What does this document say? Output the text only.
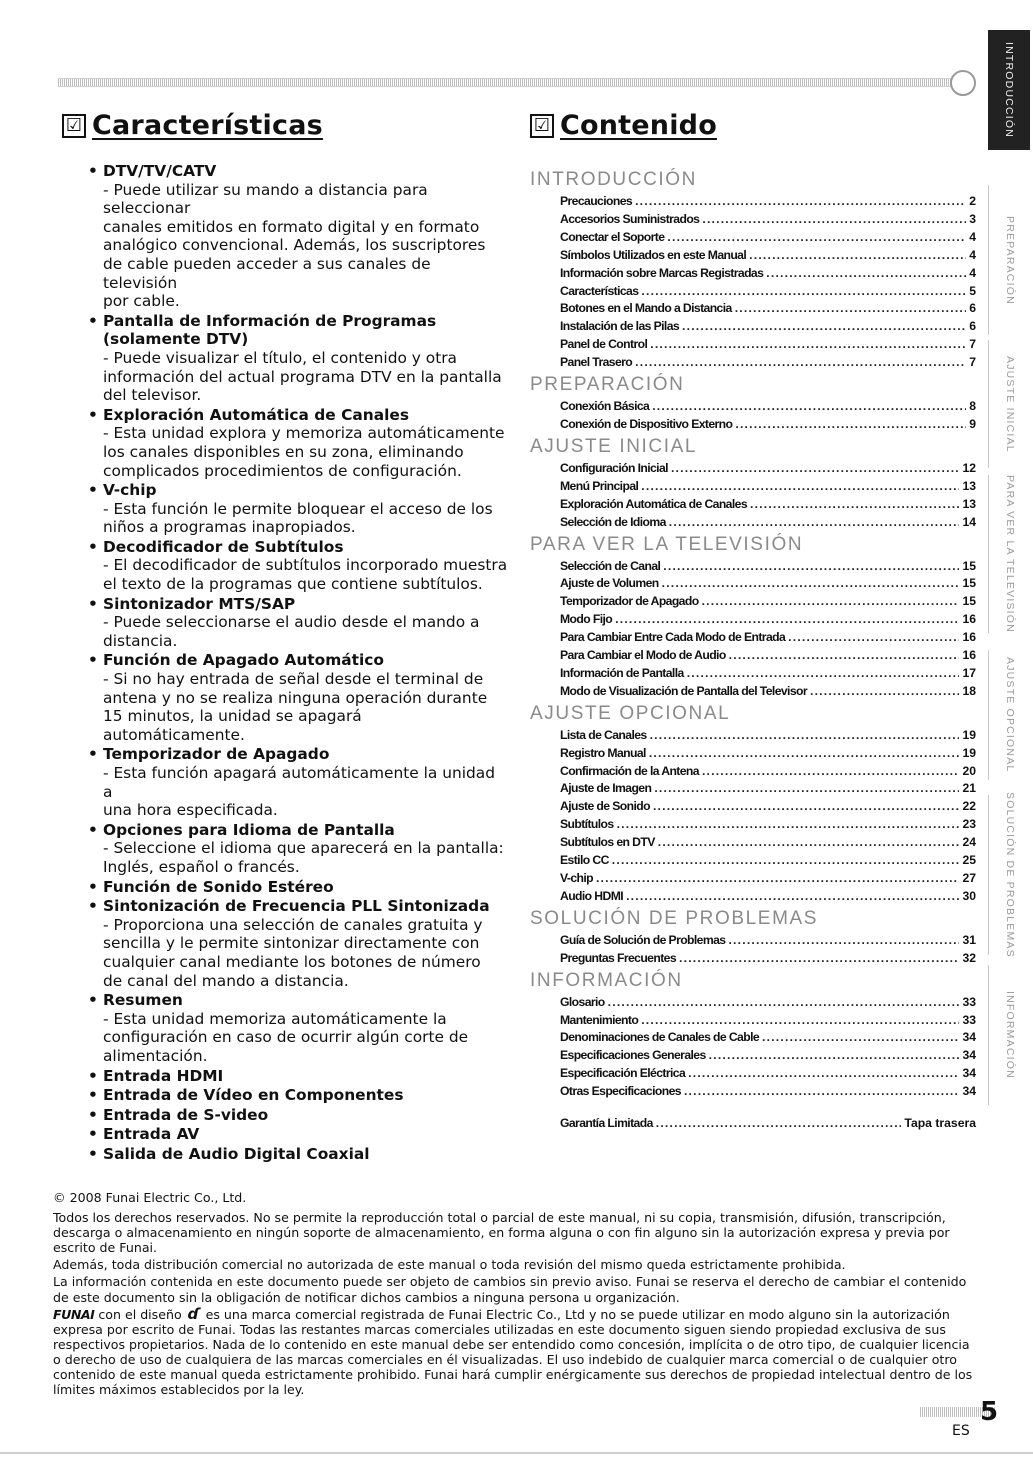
☑ Características	☑ Contenido
• DTV/TV/CATV
- Puede utilizar su mando a distancia para seleccionar
canales emitidos en formato digital y en formato
analógico convencional. Además, los suscriptores
de cable pueden acceder a sus canales de televisión
por cable.
• Pantalla de Información de Programas
(solamente DTV)
- Puede visualizar el título, el contenido y otra
información del actual programa DTV en la pantalla
del televisor.
• Exploración Automática de Canales
- Esta unidad explora y memoriza automáticamente
los canales disponibles en su zona, eliminando
complicados procedimientos de configuración.
• V-chip
- Esta función le permite bloquear el acceso de los
niños a programas inapropiados.
• Decodificador de Subtítulos
- El decodificador de subtítulos incorporado muestra
el texto de la programas que contiene subtítulos.
• Sintonizador MTS/SAP
- Puede seleccionarse el audio desde el mando a
distancia.
• Función de Apagado Automático
- Si no hay entrada de señal desde el terminal de
antena y no se realiza ninguna operación durante
15 minutos, la unidad se apagará automáticamente.
• Temporizador de Apagado
- Esta función apagará automáticamente la unidad a
una hora especificada.
• Opciones para Idioma de Pantalla
- Seleccione el idioma que aparecerá en la pantalla:
Inglés, español o francés.
• Función de Sonido Estéreo
• Sintonización de Frecuencia PLL Sintonizada
- Proporciona una selección de canales gratuita y
sencilla y le permite sintonizar directamente con
cualquier canal mediante los botones de número
de canal del mando a distancia.
• Resumen
- Esta unidad memoriza automáticamente la
configuración en caso de ocurrir algún corte de
alimentación.
• Entrada HDMI
• Entrada de Vídeo en Componentes
• Entrada de S-video
• Entrada AV
• Salida de Audio Digital Coaxial
INTRODUCCIÓN
Precauciones .....	2
Accesorios Suministrados .....	3
Conectar el Soporte .....	4
Símbolos Utilizados en este Manual .....	4
Información sobre Marcas Registradas .....	4
Características .....	5
Botones en el Mando a Distancia .....	6
Instalación de las Pilas .....	6
Panel de Control .....	7
Panel Trasero .....	7
PREPARACIÓN
Conexión Básica .....	8
Conexión de Dispositivo Externo .....	9
AJUSTE INICIAL
Configuración Inicial .....	12
Menú Principal .....	13
Exploración Automática de Canales .....	13
Selección de Idioma .....	14
PARA VER LA TELEVISIÓN
Selección de Canal .....	15
Ajuste de Volumen .....	15
Temporizador de Apagado .....	15
Modo Fijo .....	16
Para Cambiar Entre Cada Modo de Entrada .....	16
Para Cambiar el Modo de Audio .....	16
Información de Pantalla .....	17
Modo de Visualización de Pantalla del Televisor .....	18
AJUSTE OPCIONAL
Lista de Canales .....	19
Registro Manual .....	19
Confirmación de la Antena .....	20
Ajuste de Imagen .....	21
Ajuste de Sonido .....	22
Subtítulos .....	23
Subtítulos en DTV .....	24
Estilo CC .....	25
V-chip .....	27
Audio HDMI .....	30
SOLUCIÓN DE PROBLEMAS
Guía de Solución de Problemas .....	31
Preguntas Frecuentes .....	32
INFORMACIÓN
Glosario .....	33
Mantenimiento .....	33
Denominaciones de Canales de Cable .....	34
Especificaciones Generales .....	34
Especificación Eléctrica .....	34
Otras Especificaciones .....	34
Garantía Limitada .....	Tapa trasera
INTRODUCCIÓN
PREPARACIÓN
AJUSTE INICIAL
PARA VER LA TELEVISIÓN
AJUSTE OPCIONAL
SOLUCIÓN DE PROBLEMAS
INFORMACIÓN

© 2008 Funai Electric Co., Ltd.

Todos los derechos reservados. No se permite la reproducción total o parcial de este manual, ni su copia, transmisión, difusión, transcripción, descarga o almacenamiento en ningún soporte de almacenamiento, en forma alguna o con fin alguno sin la autorización expresa y previa por escrito de Funai.

Además, toda distribución comercial no autorizada de este manual o toda revisión del mismo queda estrictamente prohibida.

La información contenida en este documento puede ser objeto de cambios sin previo aviso. Funai se reserva el derecho de cambiar el contenido de este documento sin la obligación de notificar dichos cambios a ninguna persona u organización.

FUNAI con el diseño ɗ es una marca comercial registrada de Funai Electric Co., Ltd y no se puede utilizar en modo alguno sin la autorización expresa por escrito de Funai. Todas las restantes marcas comerciales utilizadas en este documento siguen siendo propiedad exclusiva de sus respectivos propietarios. Nada de lo contenido en este manual debe ser entendido como concesión, implícita o de otro tipo, de cualquier licencia o derecho de uso de cualquiera de las marcas comerciales en él visualizadas. El uso indebido de cualquier marca comercial o de cualquier otro contenido de este manual queda estrictamente prohibido. Funai hará cumplir enérgicamente sus derechos de propiedad intelectual dentro de los límites máximos establecidos por la ley.

5
ES
